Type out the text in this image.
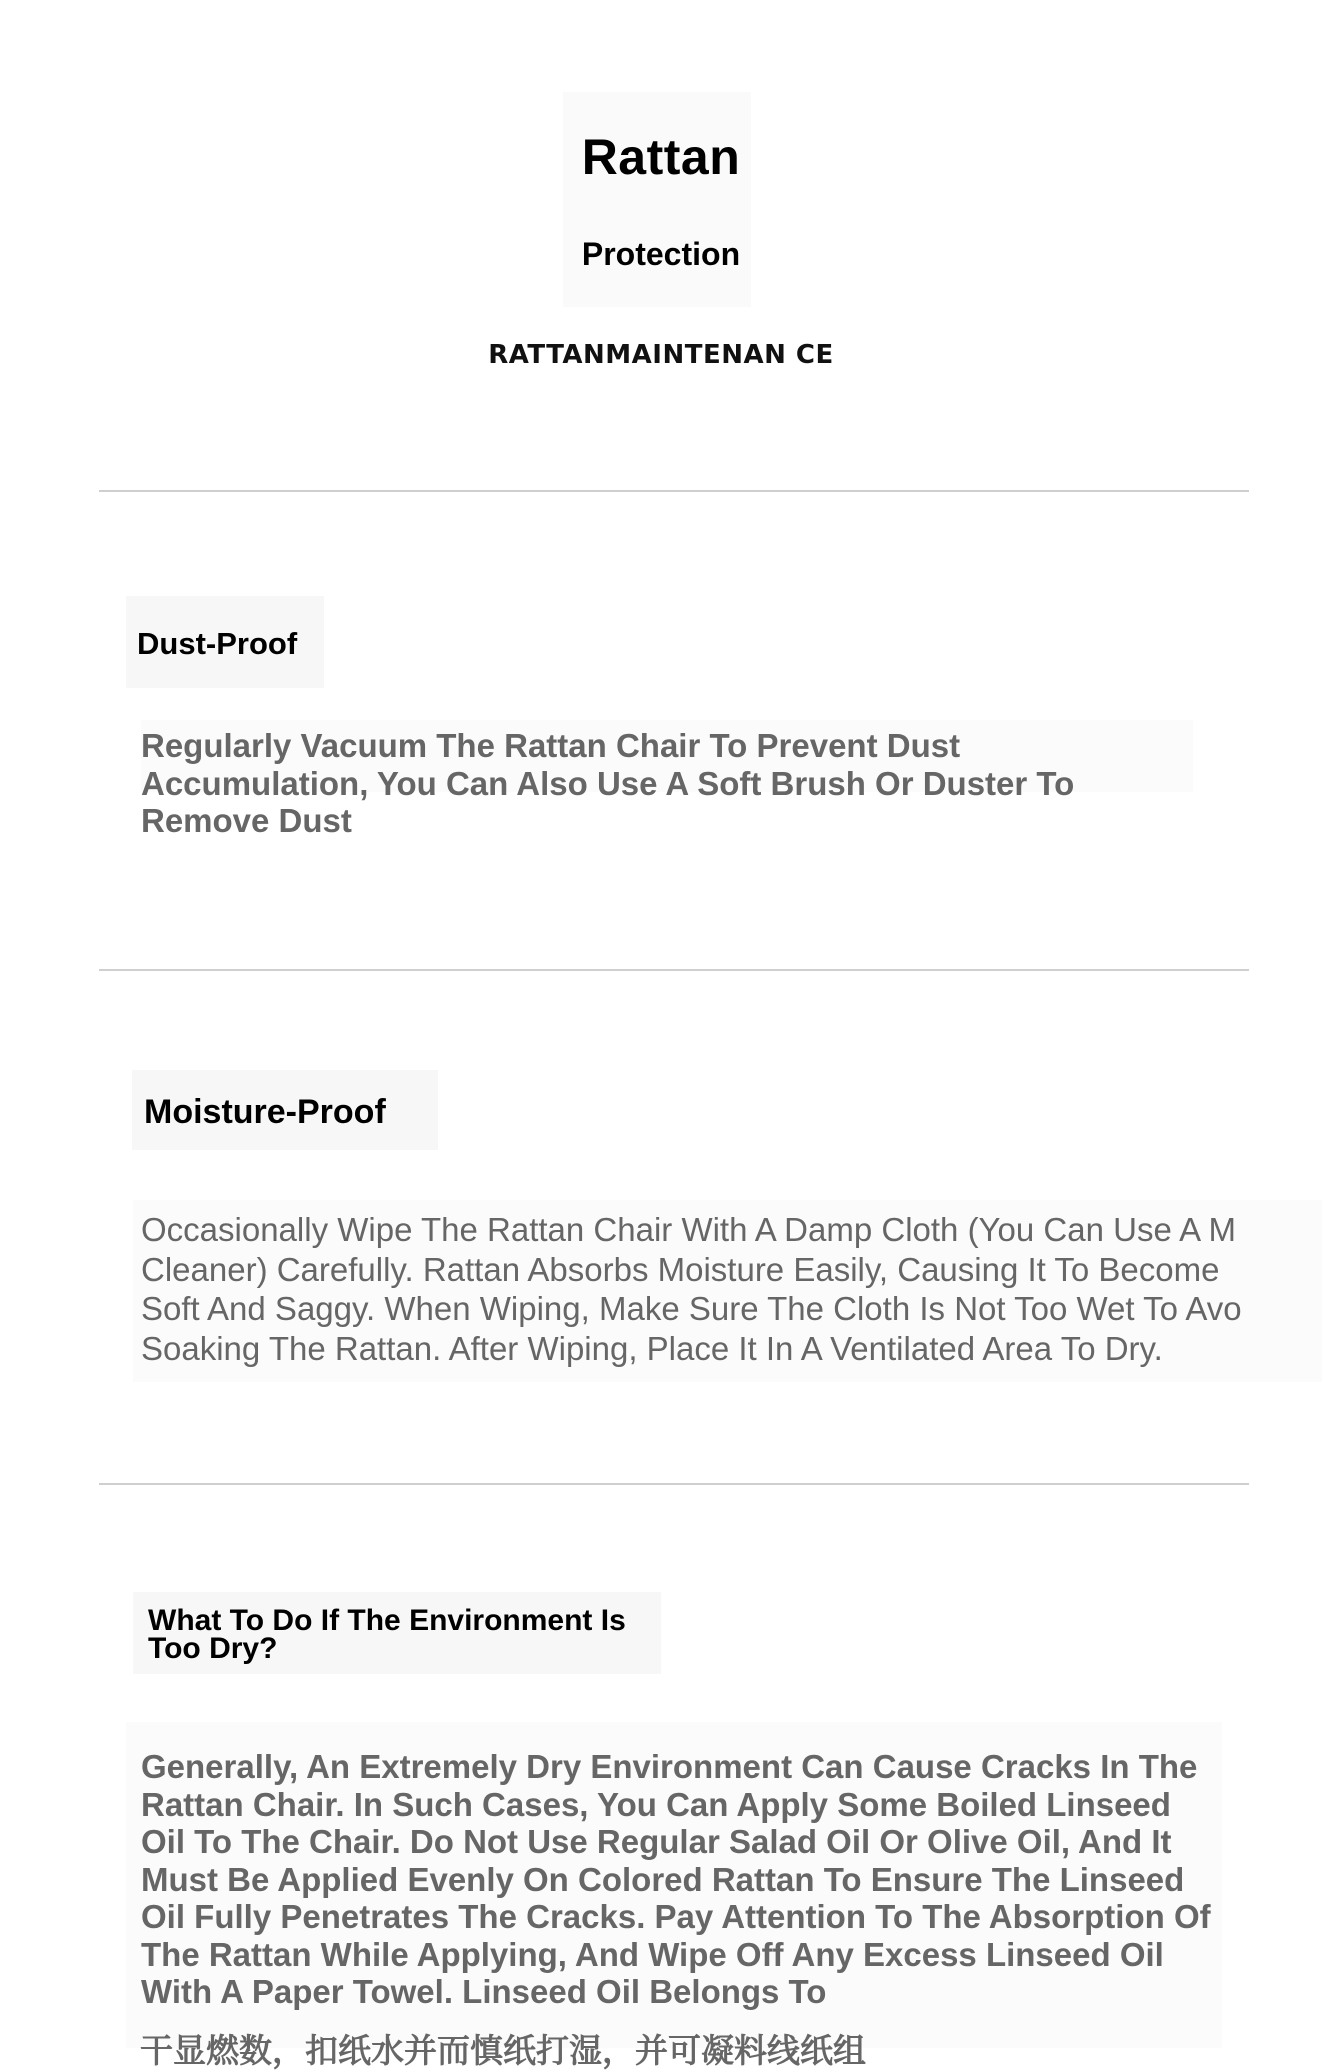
Rattan
Protection
RATTANMAINTENAN CE
Dust-Proof

Regularly Vacuum The Rattan Chair To Prevent Dust Accumulation, You Can Also Use A Soft Brush Or Duster To Remove Dust

Moisture-Proof
Occasionally Wipe The Rattan Chair With A Damp Cloth (You Can Use A M
Cleaner) Carefully. Rattan Absorbs Moisture Easily, Causing It To Become
Soft And Saggy. When Wiping, Make Sure The Cloth Is Not Too Wet To Avo
Soaking The Rattan. After Wiping, Place It In A Ventilated Area To Dry.
What To Do If The Environment Is Too Dry?

Generally, An Extremely Dry Environment Can Cause Cracks In The Rattan Chair. In Such Cases, You Can Apply Some Boiled Linseed Oil To The Chair. Do Not Use Regular Salad Oil Or Olive Oil, And It Must Be Applied Evenly On Colored Rattan To Ensure The Linseed Oil Fully Penetrates The Cracks. Pay Attention To The Absorption Of The Rattan While Applying, And Wipe Off Any Excess Linseed Oil With A Paper Towel. Linseed Oil Belongs To

干显燃数，扣纸水并而慎纸打湿，并可凝料线纸组
